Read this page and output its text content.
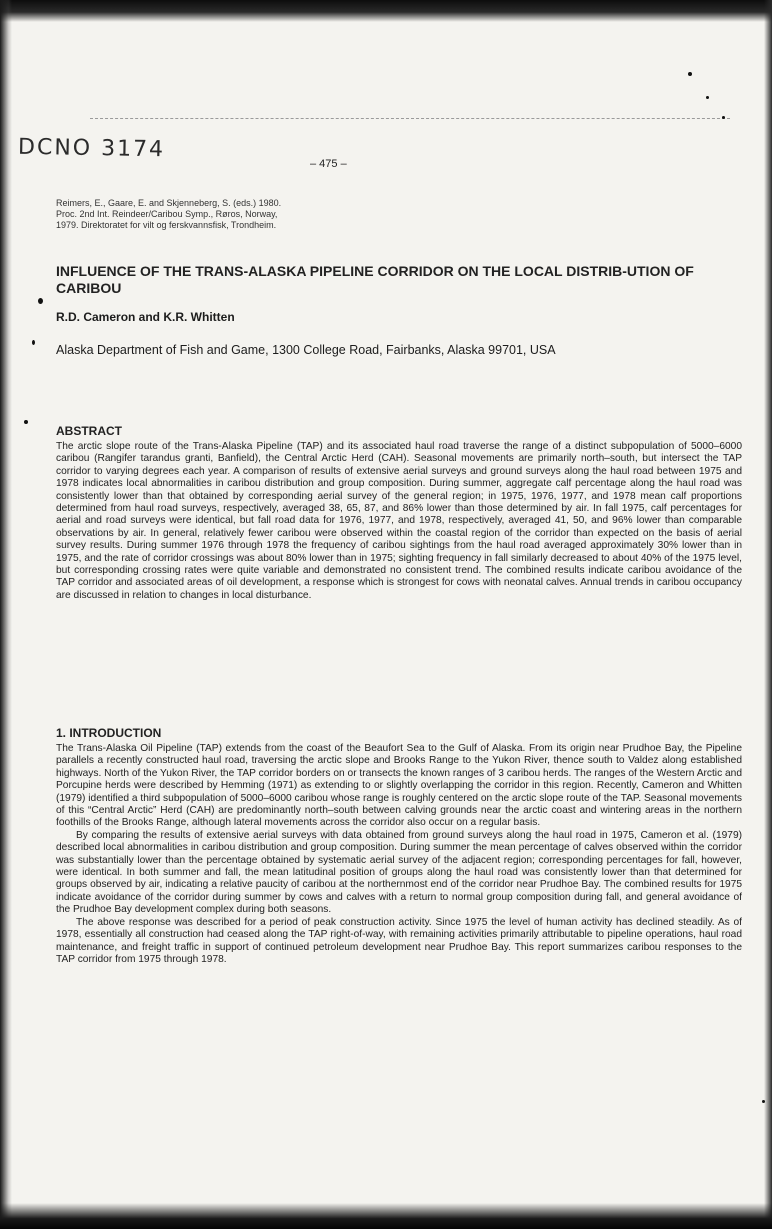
DCNO 3174
– 475 –
Reimers, E., Gaare, E. and Skjenneberg, S. (eds.) 1980.
Proc. 2nd Int. Reindeer/Caribou Symp., Røros, Norway,
1979. Direktoratet for vilt og ferskvannsfisk, Trondheim.
INFLUENCE OF THE TRANS-ALASKA PIPELINE CORRIDOR ON THE LOCAL DISTRIB-UTION OF CARIBOU
R.D. Cameron and K.R. Whitten
Alaska Department of Fish and Game, 1300 College Road, Fairbanks, Alaska 99701, USA
ABSTRACT

The arctic slope route of the Trans-Alaska Pipeline (TAP) and its associated haul road traverse the range of a distinct subpopulation of 5000–6000 caribou (Rangifer tarandus granti, Banfield), the Central Arctic Herd (CAH). Seasonal movements are primarily north–south, but intersect the TAP corridor to varying degrees each year. A comparison of results of extensive aerial surveys and ground surveys along the haul road between 1975 and 1978 indicates local abnormalities in caribou distribution and group composition. During summer, aggregate calf percentage along the haul road was consistently lower than that obtained by corresponding aerial survey of the general region; in 1975, 1976, 1977, and 1978 mean calf proportions determined from haul road surveys, respectively, averaged 38, 65, 87, and 86% lower than those determined by air. In fall 1975, calf percentages for aerial and road surveys were identical, but fall road data for 1976, 1977, and 1978, respectively, averaged 41, 50, and 96% lower than comparable observations by air. In general, relatively fewer caribou were observed within the coastal region of the corridor than expected on the basis of aerial survey results. During summer 1976 through 1978 the frequency of caribou sightings from the haul road averaged approximately 30% lower than in 1975, and the rate of corridor crossings was about 80% lower than in 1975; sighting frequency in fall similarly decreased to about 40% of the 1975 level, but corresponding crossing rates were quite variable and demonstrated no consistent trend. The combined results indicate caribou avoidance of the TAP corridor and associated areas of oil development, a response which is strongest for cows with neonatal calves. Annual trends in caribou occupancy are discussed in relation to changes in local disturbance.

1. INTRODUCTION

The Trans-Alaska Oil Pipeline (TAP) extends from the coast of the Beaufort Sea to the Gulf of Alaska. From its origin near Prudhoe Bay, the Pipeline parallels a recently constructed haul road, traversing the arctic slope and Brooks Range to the Yukon River, thence south to Valdez along established highways. North of the Yukon River, the TAP corridor borders on or transects the known ranges of 3 caribou herds. The ranges of the Western Arctic and Porcupine herds were described by Hemming (1971) as extending to or slightly overlapping the corridor in this region. Recently, Cameron and Whitten (1979) identified a third subpopulation of 5000–6000 caribou whose range is roughly centered on the arctic slope route of the TAP. Seasonal movements of this “Central Arctic” Herd (CAH) are predominantly north–south between calving grounds near the arctic coast and wintering areas in the northern foothills of the Brooks Range, although lateral movements across the corridor also occur on a regular basis.

By comparing the results of extensive aerial surveys with data obtained from ground surveys along the haul road in 1975, Cameron et al. (1979) described local abnormalities in caribou distribution and group composition. During summer the mean percentage of calves observed within the corridor was substantially lower than the percentage obtained by systematic aerial survey of the adjacent region; corresponding percentages for fall, however, were identical. In both summer and fall, the mean latitudinal position of groups along the haul road was consistently lower than that determined for groups observed by air, indicating a relative paucity of caribou at the northernmost end of the corridor near Prudhoe Bay. The combined results for 1975 indicate avoidance of the corridor during summer by cows and calves with a return to normal group composition during fall, and general avoidance of the Prudhoe Bay development complex during both seasons.

The above response was described for a period of peak construction activity. Since 1975 the level of human activity has declined steadily. As of 1978, essentially all construction had ceased along the TAP right-of-way, with remaining activities primarily attributable to pipeline operations, haul road maintenance, and freight traffic in support of continued petroleum development near Prudhoe Bay. This report summarizes caribou responses to the TAP corridor from 1975 through 1978.
